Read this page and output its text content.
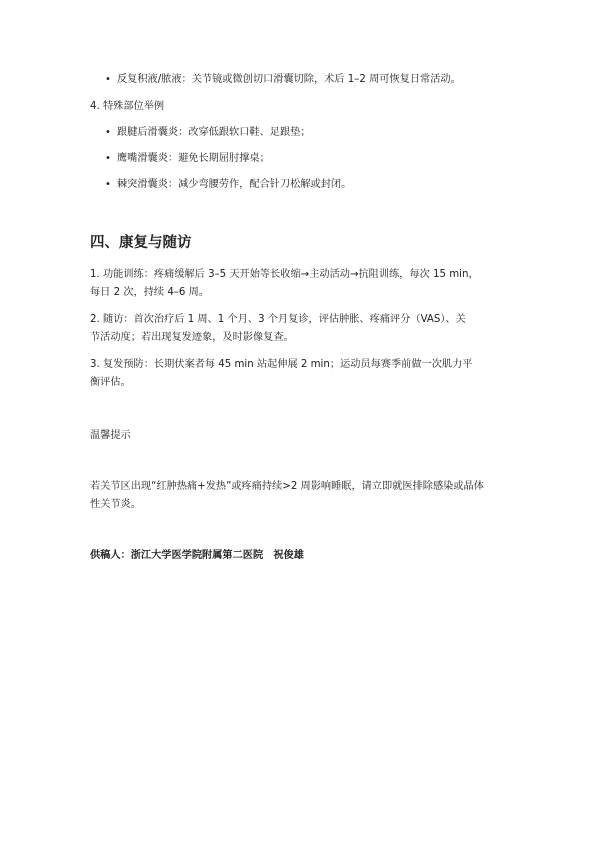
• 反复积液/脓液：关节镜或微创切口滑囊切除，术后 1–2 周可恢复日常活动。
4. 特殊部位举例
• 跟腱后滑囊炎：改穿低跟软口鞋、足跟垫；
• 鹰嘴滑囊炎：避免长期屈肘撑桌；
• 棘突滑囊炎：减少弯腰劳作，配合针刀松解或封闭。
四、康复与随访
1. 功能训练：疼痛缓解后 3–5 天开始等长收缩→主动活动→抗阻训练，每次 15 min，
每日 2 次，持续 4–6 周。
2. 随访：首次治疗后 1 周、1 个月、3 个月复诊，评估肿胀、疼痛评分（VAS）、关
节活动度；若出现复发迹象，及时影像复查。
3. 复发预防：长期伏案者每 45 min 站起伸展 2 min；运动员每赛季前做一次肌力平
衡评估。
温馨提示
若关节区出现“红肿热痛+发热”或疼痛持续>2 周影响睡眠，请立即就医排除感染或晶体
性关节炎。
供稿人：浙江大学医学院附属第二医院　祝俊雄
